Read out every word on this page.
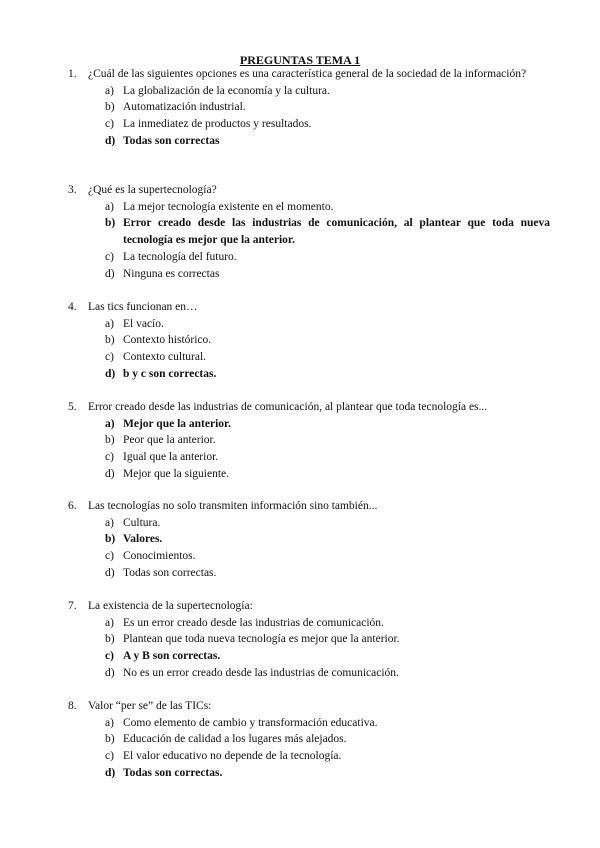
PREGUNTAS TEMA 1
1. ¿Cuál de las siguientes opciones es una característica general de la sociedad de la información?
a) La globalización de la economía y la cultura.
b) Automatización industrial.
c) La inmediatez de productos y resultados.
d) Todas son correctas
3. ¿Qué es la supertecnología?
a) La mejor tecnología existente en el momento.
b) Error creado desde las industrias de comunicación, al plantear que toda nueva tecnología es mejor que la anterior.
c) La tecnología del futuro.
d) Ninguna es correctas
4. Las tics funcionan en…
a) El vacío.
b) Contexto histórico.
c) Contexto cultural.
d) b y c son correctas.
5. Error creado desde las industrias de comunicación, al plantear que toda tecnología es...
a) Mejor que la anterior.
b) Peor que la anterior.
c) Igual que la anterior.
d) Mejor que la siguiente.
6. Las tecnologías no solo transmiten información sino también...
a) Cultura.
b) Valores.
c) Conocimientos.
d) Todas son correctas.
7. La existencia de la supertecnología:
a) Es un error creado desde las industrias de comunicación.
b) Plantean que toda nueva tecnología es mejor que la anterior.
c) A y B son correctas.
d) No es un error creado desde las industrias de comunicación.
8. Valor “per se” de las TICs:
a) Como elemento de cambio y transformación educativa.
b) Educación de calidad a los lugares más alejados.
c) El valor educativo no depende de la tecnología.
d) Todas son correctas.
